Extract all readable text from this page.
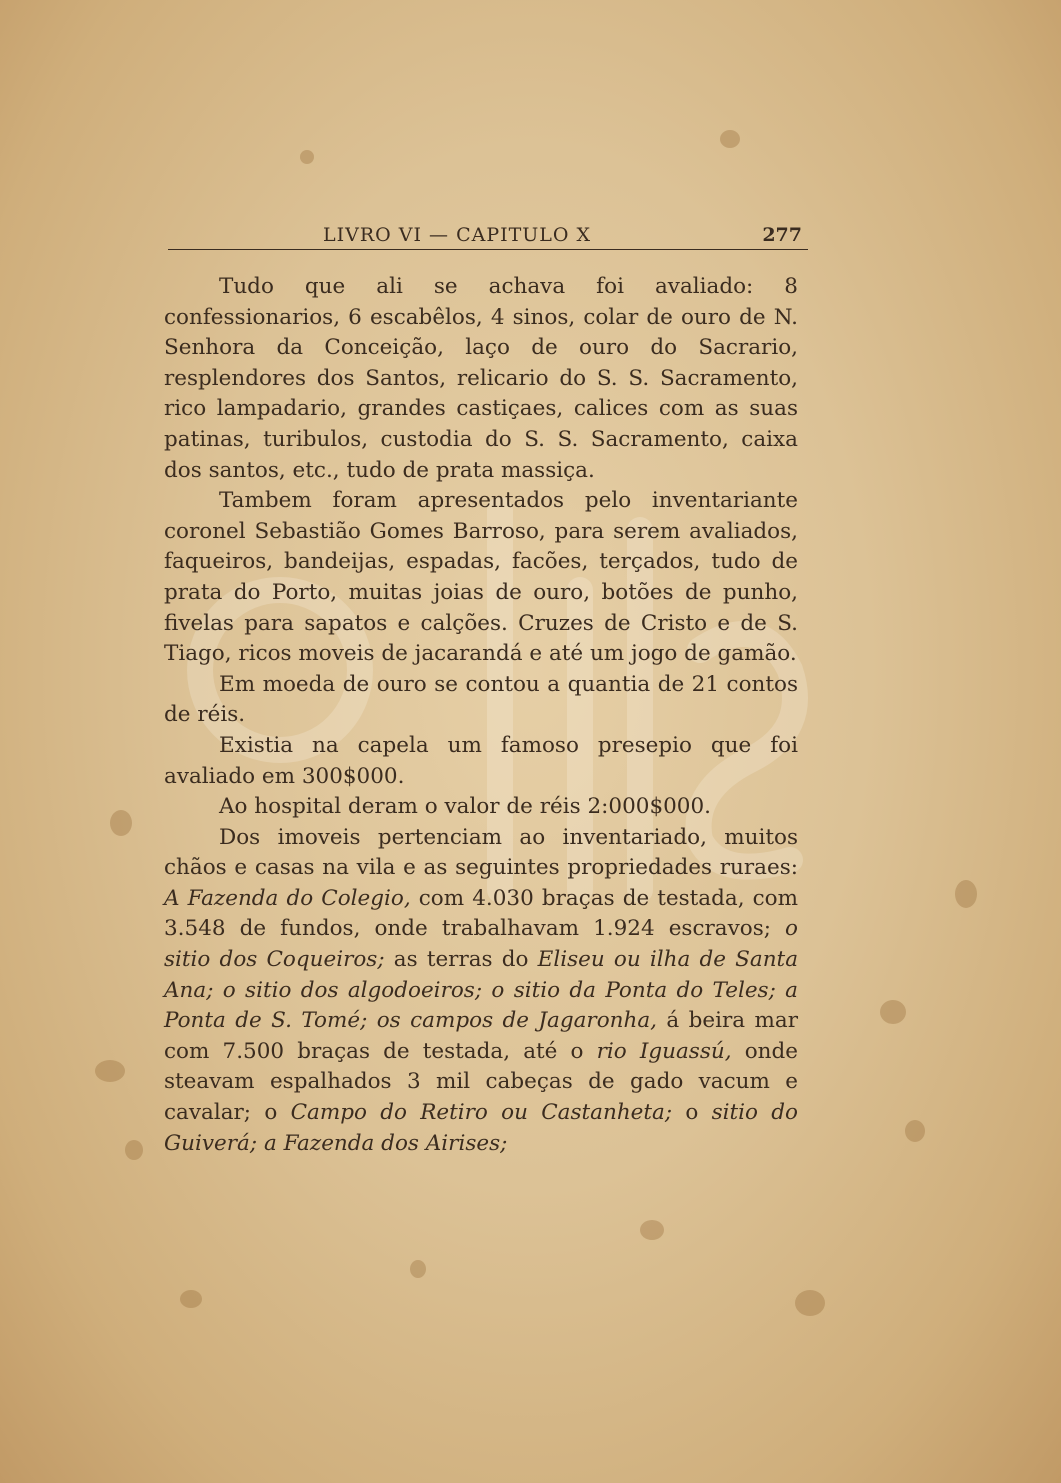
LIVRO VI — CAPITULO X	277

Tudo que ali se achava foi avaliado: 8 confessionarios, 6 escabêlos, 4 sinos, colar de ouro de N. Senhora da Conceição, laço de ouro do Sacrario, resplendores dos Santos, relicario do S. S. Sacramento, rico lampadario, grandes castiçaes, calices com as suas patinas, turibulos, custodia do S. S. Sacramento, caixa dos santos, etc., tudo de prata massiça.

Tambem foram apresentados pelo inventariante coronel Sebastião Gomes Barroso, para serem avaliados, faqueiros, bandeijas, espadas, facões, terçados, tudo de prata do Porto, muitas joias de ouro, botões de punho, fivelas para sapatos e calções. Cruzes de Cristo e de S. Tiago, ricos moveis de jacarandá e até um jogo de gamão.

Em moeda de ouro se contou a quantia de 21 contos de réis.

Existia na capela um famoso presepio que foi avaliado em 300$000.

Ao hospital deram o valor de réis 2:000$000.

Dos imoveis pertenciam ao inventariado, muitos chãos e casas na vila e as seguintes propriedades ruraes: A Fazenda do Colegio, com 4.030 braças de testada, com 3.548 de fundos, onde trabalhavam 1.924 escravos; o sitio dos Coqueiros; as terras do Eliseu ou ilha de Santa Ana; o sitio dos algodoeiros; o sitio da Ponta do Teles; a Ponta de S. Tomé; os campos de Jagaronha, á beira mar com 7.500 braças de testada, até o rio Iguassú, onde steavam espalhados 3 mil cabeças de gado vacum e cavalar; o Campo do Retiro ou Castanheta; o sitio do Guiverá; a Fazenda dos Airises;
